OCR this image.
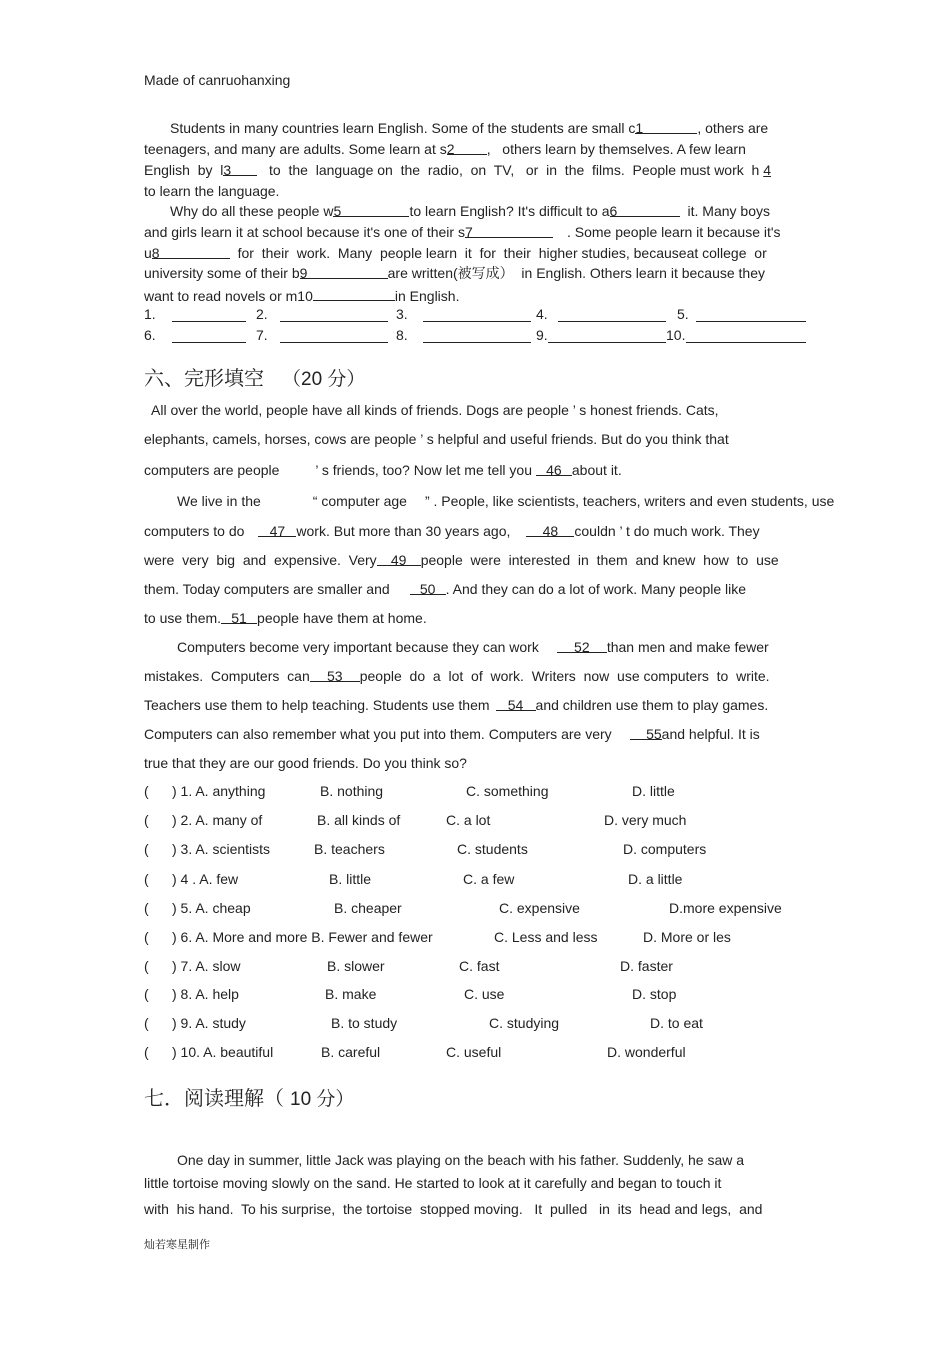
Made of canruohanxing
Students in many countries learn English. Some of the students are small c1	, others are
teenagers, and many are adults. Some learn at s2 ,   others learn by themselves. A few learn
English  by  l3   to  the  language on  the  radio,  on  TV,   or  in  the  films.  People must work  h 4
to learn the language.
Why do all these people w5	to learn English? It's difficult to a6	it. Many boys
and girls learn it at school because it's one of their s7	. Some people learn it because it's
u8	for  their  work.  Many  people learn  it  for  their  higher studies, becauseat college  or
university some of their b9	are written(被写成）  in English. Others learn it because they
want to read novels or m10	in English.
1.	2.	3.	4.	5.
6.	7.	8.	9.	10.
六、完形填空 （20 分）
All over the world, people have all kinds of friends. Dogs are people ’ s honest friends. Cats,
elephants, camels, horses, cows are people ’ s helpful and useful friends. But do you think that
computers are people	’ s friends, too? Now let me tell you 46 about it.
We live in the	“ computer age ” . People, like scientists, teachers, writers and even students, use
computers to do 47 work. But more than 30 years ago, 48 couldn ’ t do much work. They
were  very  big  and  expensive.  Very 49 people  were  interested  in  them  and knew  how  to  use
them. Today computers are smaller and 50 . And they can do a lot of work. Many people like
to use them. 51 people have them at home.
Computers become very important because they can work	52 than men and make fewer
mistakes.  Computers  can 53 people  do  a  lot  of  work.  Writers  now  use computers  to  write.
Teachers use them to help teaching. Students use them 54 and children use them to play games.
Computers can also remember what you put into them. Computers are very 55and helpful. It is
true that they are our good friends. Do you think so?
( ) 1. A. anything	B. nothing	C. something	D. little
( ) 2. A. many of	B. all kinds of	C. a lot	D. very much
( ) 3. A. scientists	B. teachers	C. students	D. computers
( ) 4 . A. few	B. little	C. a few	D. a little
( ) 5. A. cheap	B. cheaper	C. expensive	D.more expensive
( ) 6. A. More and more B. Fewer and fewer	C. Less and less	D. More or les
( ) 7. A. slow	B. slower	C. fast	D. faster
( ) 8. A. help	B. make	C. use	D. stop
( ) 9. A. study	B. to study	C. studying	D. to eat
( ) 10. A. beautiful	B. careful	C. useful	D. wonderful
七．阅读理解（ 10 分）
One day in summer, little Jack was playing on the beach with his father. Suddenly, he saw a
little tortoise moving slowly on the sand. He started to look at it carefully and began to touch it
with  his hand.  To his surprise,  the tortoise  stopped moving.   It  pulled   in  its  head and legs,  and
灿若寒星制作
